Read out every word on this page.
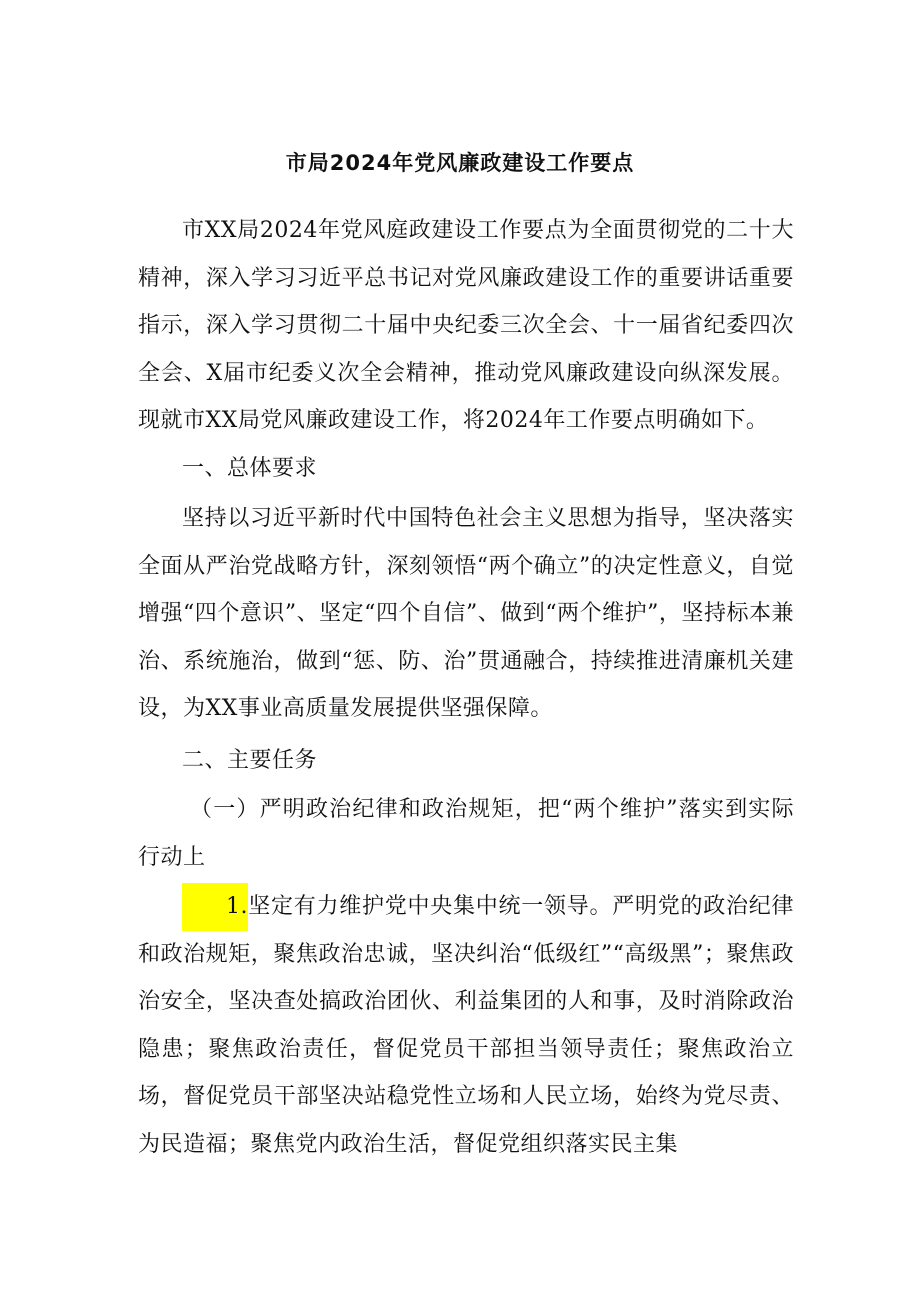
市局2024年党风廉政建设工作要点

市XX局2024年党风庭政建设工作要点为全面贯彻党的二十大精神，深入学习习近平总书记对党风廉政建设工作的重要讲话重要指示，深入学习贯彻二十届中央纪委三次全会、十一届省纪委四次全会、X届市纪委义次全会精神，推动党风廉政建设向纵深发展。现就市XX局党风廉政建设工作，将2024年工作要点明确如下。

一、总体要求

坚持以习近平新时代中国特色社会主义思想为指导，坚决落实全面从严治党战略方针，深刻领悟“两个确立”的决定性意义，自觉增强“四个意识”、坚定“四个自信”、做到“两个维护”，坚持标本兼治、系统施治，做到“惩、防、治”贯通融合，持续推进清廉机关建设，为XX事业高质量发展提供坚强保障。

二、主要任务

（一）严明政治纪律和政治规矩，把“两个维护”落实到实际行动上

1.坚定有力维护党中央集中统一领导。严明党的政治纪律和政治规矩，聚焦政治忠诚，坚决纠治“低级红”“高级黑”；聚焦政治安全，坚决查处搞政治团伙、利益集团的人和事，及时消除政治隐患；聚焦政治责任，督促党员干部担当领导责任；聚焦政治立场，督促党员干部坚决站稳党性立场和人民立场，始终为党尽责、为民造福；聚焦党内政治生活，督促党组织落实民主集
